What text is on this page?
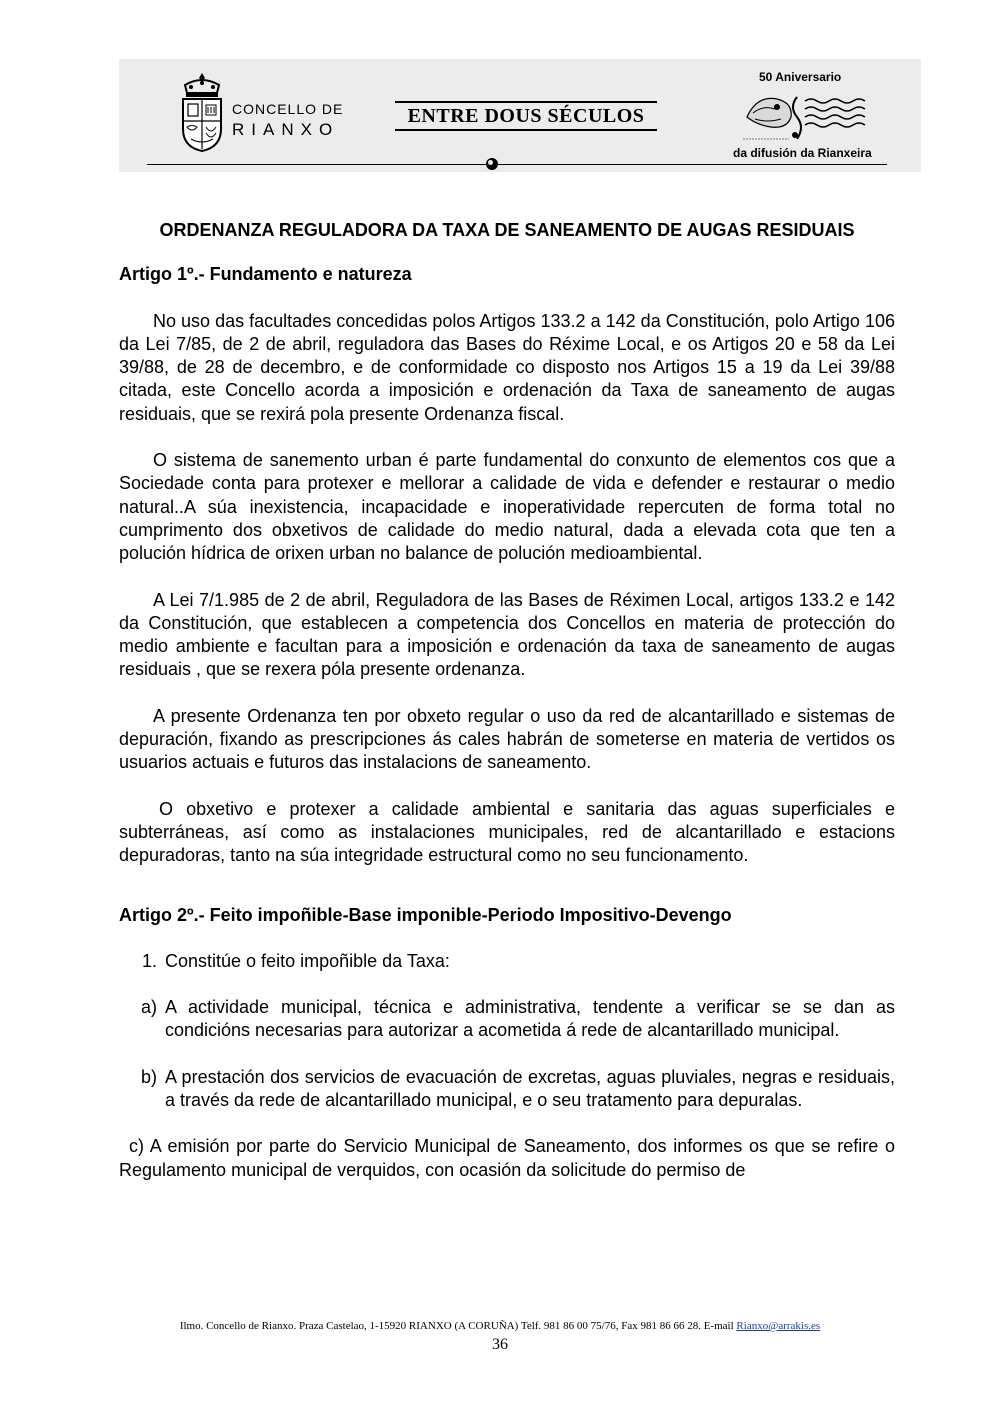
CONCELLO DE
RIANXO
ENTRE DOUS SÉCULOS
50 Aniversario
da difusión da Rianxeira
ORDENANZA REGULADORA DA TAXA DE SANEAMENTO DE AUGAS RESIDUAIS
Artigo 1º.- Fundamento e natureza

No uso das facultades concedidas polos Artigos 133.2 a 142 da Constitución, polo Artigo 106 da Lei 7/85, de 2 de abril, reguladora das Bases do Réxime Local, e os Artigos 20 e 58 da Lei 39/88, de 28 de decembro, e de conformidade co disposto nos Artigos 15 a 19 da Lei 39/88 citada, este Concello acorda a imposición e ordenación da Taxa de saneamento de augas residuais, que se rexirá pola presente Ordenanza fiscal.

O sistema de sanemento urban é parte fundamental do conxunto de elementos cos que a Sociedade conta para protexer e mellorar a calidade de vida e defender e restaurar o medio natural..A súa inexistencia, incapacidade e inoperatividade repercuten de forma total no cumprimento dos obxetivos de calidade do medio natural, dada a elevada cota que ten a polución hídrica de orixen urban no balance de polución medioambiental.

A Lei 7/1.985 de 2 de abril, Reguladora de las Bases de Réximen Local, artigos 133.2 e 142 da Constitución, que establecen a competencia dos Concellos en materia de protección do medio ambiente e facultan para a imposición e ordenación da taxa de saneamento de augas residuais , que se rexera póla presente ordenanza.

A presente Ordenanza ten por obxeto regular o uso da red de alcantarillado e sistemas de depuración, fixando as prescripciones ás cales habrán de someterse en materia de vertidos os usuarios actuais e futuros das instalacions de saneamento.

O obxetivo e protexer a calidade ambiental e sanitaria das aguas superficiales e subterráneas, así como as instalaciones municipales, red de alcantarillado e estacions depuradoras, tanto na súa integridade estructural como no seu funcionamento.

Artigo 2º.- Feito impoñible-Base imponible-Periodo Impositivo-Devengo
1. Constitúe o feito impoñible da Taxa:
a) A actividade municipal, técnica e administrativa, tendente a verificar se se dan as condicións necesarias para autorizar a acometida á rede de alcantarillado municipal.
b) A prestación dos servicios de evacuación de excretas, aguas pluviales, negras e residuais, a través da rede de alcantarillado municipal, e o seu tratamento para depuralas.

c) A emisión por parte do Servicio Municipal de Saneamento, dos informes os que se refire o Regulamento municipal de verquidos, con ocasión da solicitude do permiso de

Ilmo. Concello de Rianxo. Praza Castelao, 1-15920 RIANXO (A CORUÑA) Telf. 981 86 00 75/76, Fax 981 86 66 28. E-mail Rianxo@arrakis.es
36
